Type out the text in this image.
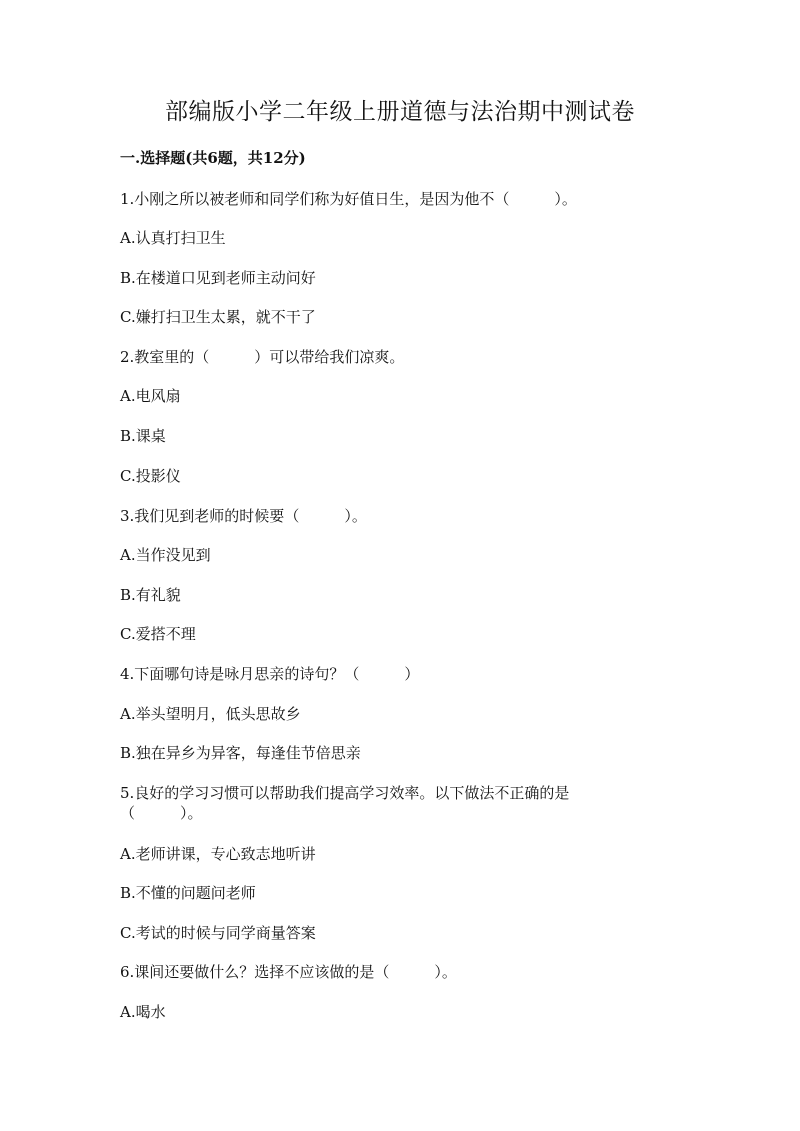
部编版小学二年级上册道德与法治期中测试卷
一.选择题(共6题，共12分)
1.小刚之所以被老师和同学们称为好值日生，是因为他不（　　　）。
A.认真打扫卫生
B.在楼道口见到老师主动问好
C.嫌打扫卫生太累，就不干了
2.教室里的（　　　）可以带给我们凉爽。
A.电风扇
B.课桌
C.投影仪
3.我们见到老师的时候要（　　　）。
A.当作没见到
B.有礼貌
C.爱搭不理
4.下面哪句诗是咏月思亲的诗句？（　　　）
A.举头望明月，低头思故乡
B.独在异乡为异客，每逢佳节倍思亲
5.良好的学习习惯可以帮助我们提高学习效率。以下做法不正确的是（　　　）。
A.老师讲课，专心致志地听讲
B.不懂的问题问老师
C.考试的时候与同学商量答案
6.课间还要做什么？选择不应该做的是（　　　）。
A.喝水
